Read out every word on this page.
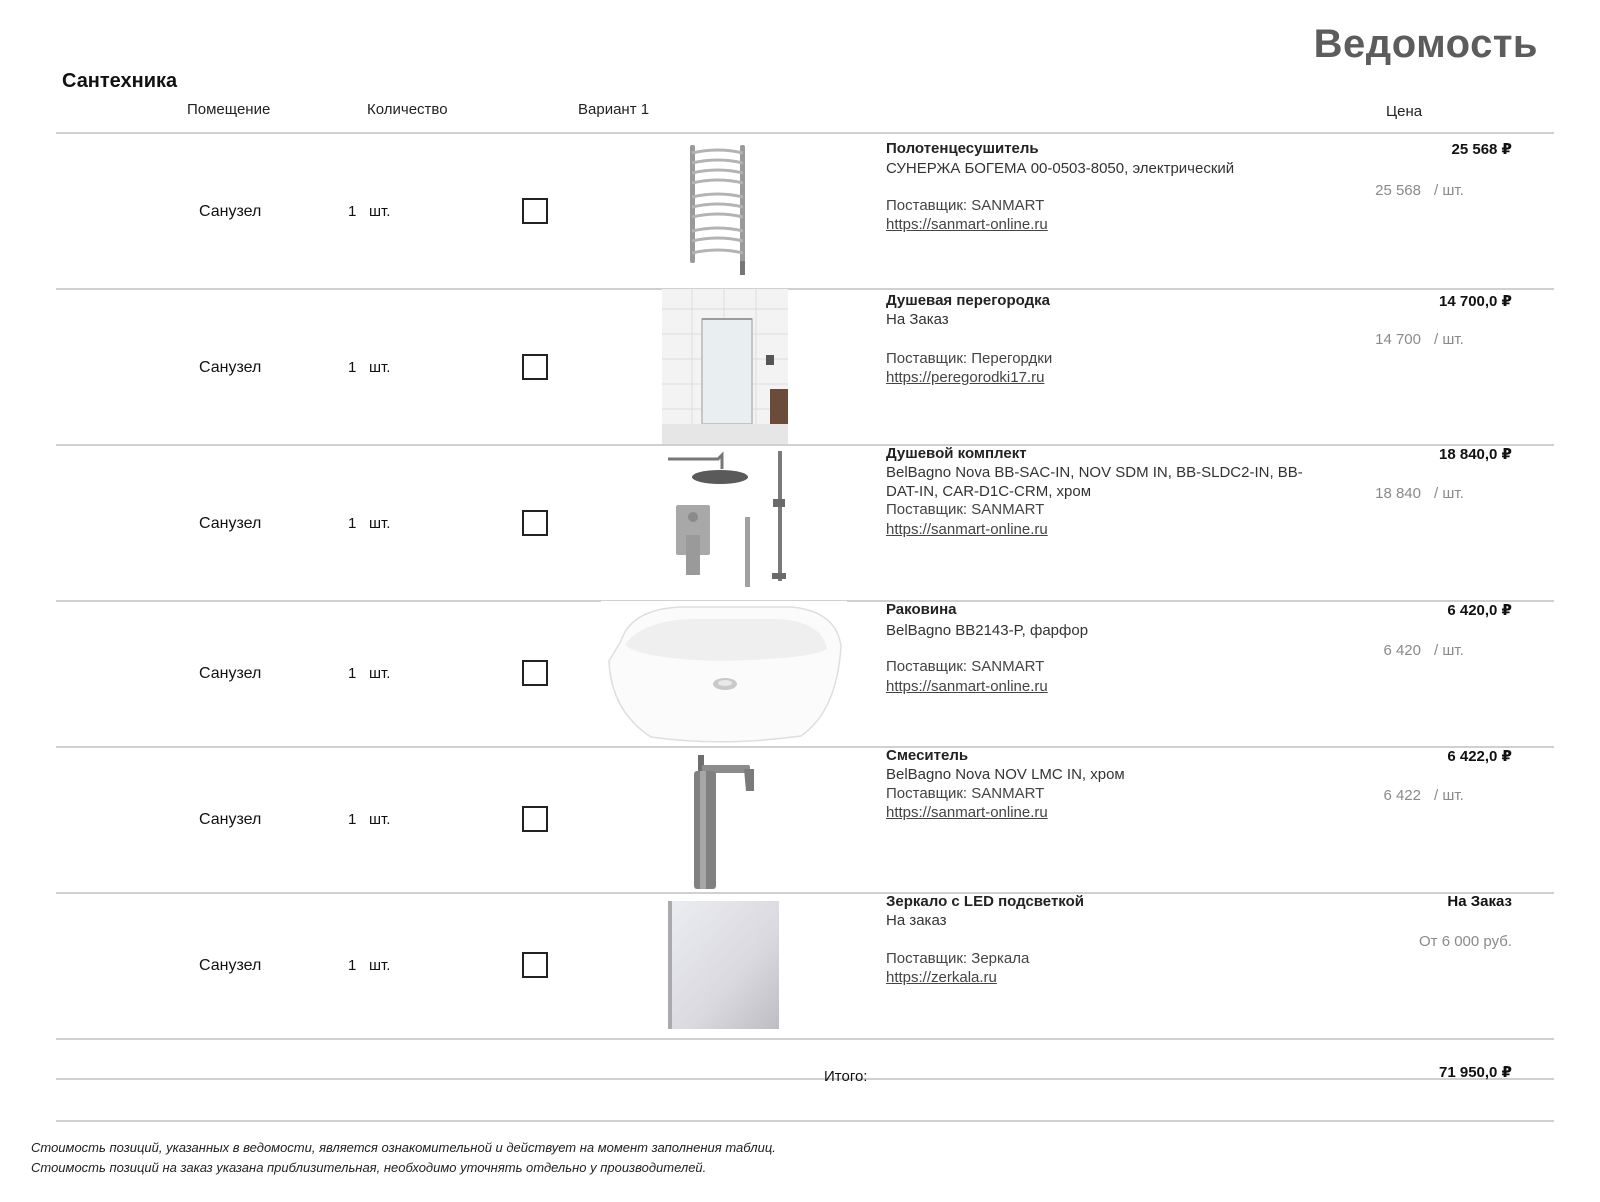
Ведомость
Сантехника
Помещение	Количество	Вариант 1	Цена
Санузел	1 шт.
Полотенцесушитель
СУНЕРЖА БОГЕМА 00-0503-8050, электрический
Поставщик: SANMART
https://sanmart-online.ru
25 568 ₽
25 568 / шт.
Санузел	1 шт.
Душевая перегородка
На Заказ
Поставщик: Перегордки
https://peregorodki17.ru
14 700,0 ₽
14 700 / шт.
Санузел	1 шт.
Душевой комплект
BelBagno Nova BB-SAC-IN, NOV SDM IN, BB-SLDC2-IN, BB-DAT-IN, CAR-D1C-CRM, хром
Поставщик: SANMART
https://sanmart-online.ru
18 840,0 ₽
18 840 / шт.
Санузел	1 шт.
Раковина
BelBagno BB2143-P, фарфор
Поставщик: SANMART
https://sanmart-online.ru
6 420,0 ₽
6 420 / шт.
Санузел	1 шт.
Смеситель
BelBagno Nova NOV LMC IN, хром
Поставщик: SANMART
https://sanmart-online.ru
6 422,0 ₽
6 422 / шт.
Санузел	1 шт.
Зеркало с LED подсветкой
На заказ
Поставщик: Зеркала
https://zerkala.ru
На Заказ
От 6 000 руб.
Итого:	71 950,0 ₽
Стоимость позиций, указанных в ведомости, является ознакомительной и действует на момент заполнения таблиц.
Стоимость позиций на заказ указана приблизительная, необходимо уточнять отдельно у производителей.
